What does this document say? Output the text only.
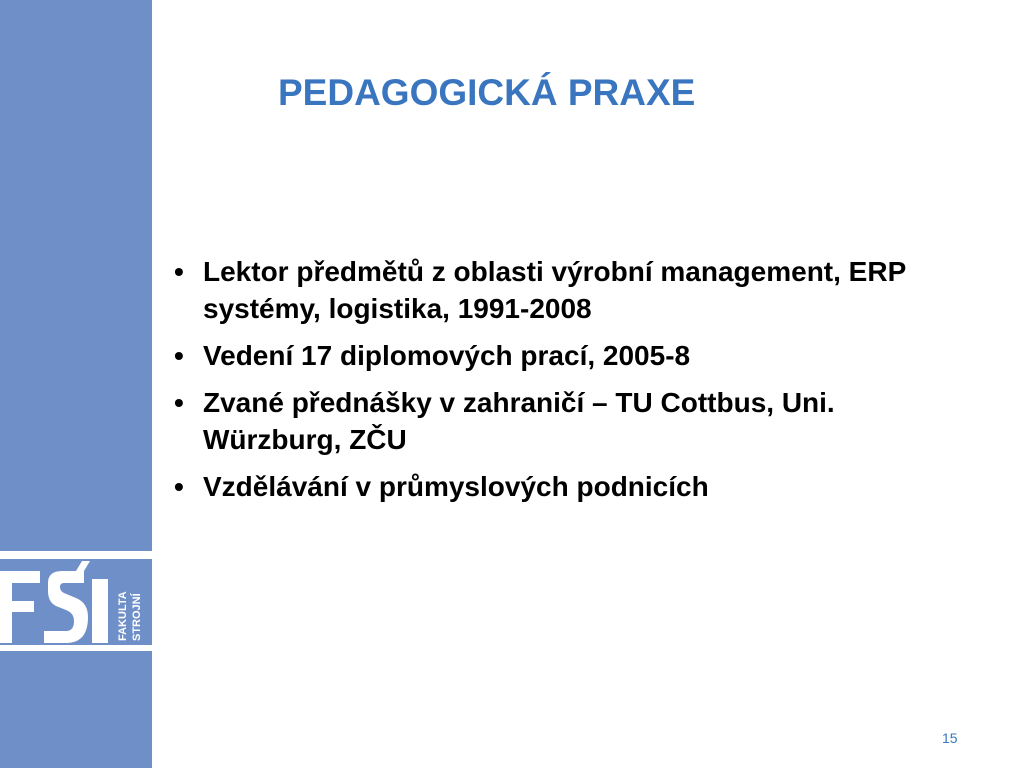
FAKULTA STROJNÍ
PEDAGOGICKÁ PRAXE
• Lektor předmětů z oblasti výrobní management, ERP systémy, logistika, 1991-2008
• Vedení 17 diplomových prací, 2005-8
• Zvané přednášky v zahraničí – TU Cottbus, Uni. Würzburg, ZČU
• Vzdělávání v průmyslových podnicích
15
